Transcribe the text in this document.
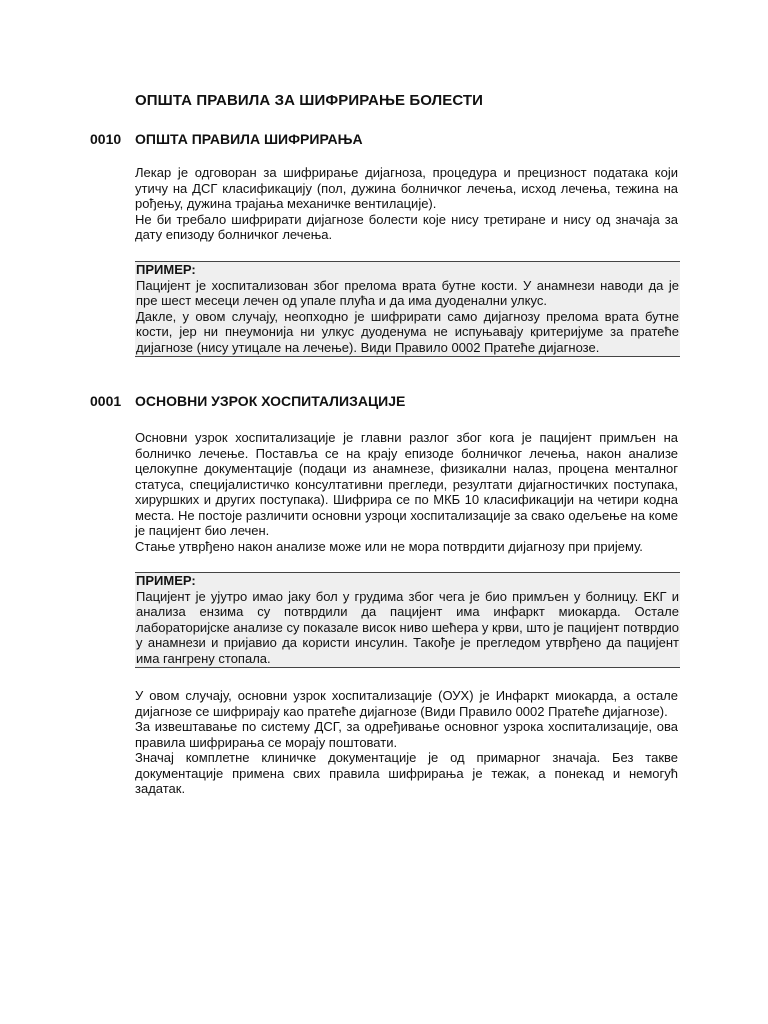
ОПШТА ПРАВИЛА ЗА ШИФРИРАЊЕ БОЛЕСТИ
0010 ОПШТА ПРАВИЛА ШИФРИРАЊА

Лекар је одговоран за шифрирање дијагноза, процедура и прецизност података који утичу на ДСГ класификацију (пол, дужина болничког лечења, исход лечења, тежина на рођењу, дужина трајања механичке вентилације).

Не би требало шифрирати дијагнозе болести које нису третиране и нису од значаја за дату епизоду болничког лечења.

ПРИМЕР:

Пацијент је хоспитализован због прелома врата бутне кости. У анамнези наводи да је пре шест месеци лечен од упале плућа и да има дуоденални улкус.

Дакле, у овом случају, неопходно је шифрирати само дијагнозу прелома врата бутне кости, јер ни пнеумонија ни улкус дуоденума не испуњавају критеријуме за пратеће дијагнозе (нису утицале на лечење). Види Правило 0002 Пратеће дијагнозе.

0001 ОСНОВНИ УЗРОК ХОСПИТАЛИЗАЦИЈЕ

Основни узрок хоспитализације је главни разлог због кога је пацијент примљен на болничко лечење. Поставља се на крају епизоде болничког лечења, након анализе целокупне документације (подаци из анамнезе, физикални налаз, процена менталног статуса, специјалистичко консултативни прегледи, резултати дијагностичких поступака, хируршких и других поступака). Шифрира се по МКБ 10 класификацији на четири кодна места. Не постоје различити основни узроци хоспитализације за свако одељење на коме је пацијент био лечен.

Стање утврђено након анализе може или не мора потврдити дијагнозу при пријему.

ПРИМЕР:

Пацијент је ујутро имао јаку бол у грудима због чега је био примљен у болницу. ЕКГ и анализа ензима су потврдили да пацијент има инфаркт миокарда. Остале лабораторијске анализе су показале висок ниво шећера у крви, што је пацијент потврдио у анамнези и пријавио да користи инсулин. Такође је прегледом утврђено да пацијент има гангрену стопала.

У овом случају, основни узрок хоспитализације (ОУХ) је Инфаркт миокарда, а остале дијагнозе се шифрирају као пратеће дијагнозе (Види Правило 0002 Пратеће дијагнозе).

За извештавање по систему ДСГ, за одређивање основног узрока хоспитализације, ова правила шифрирања се морају поштовати.

Значај комплетне клиничке документације је од примарног значаја. Без такве документације примена свих правила шифрирања је тежак, а понекад и немогућ задатак.
